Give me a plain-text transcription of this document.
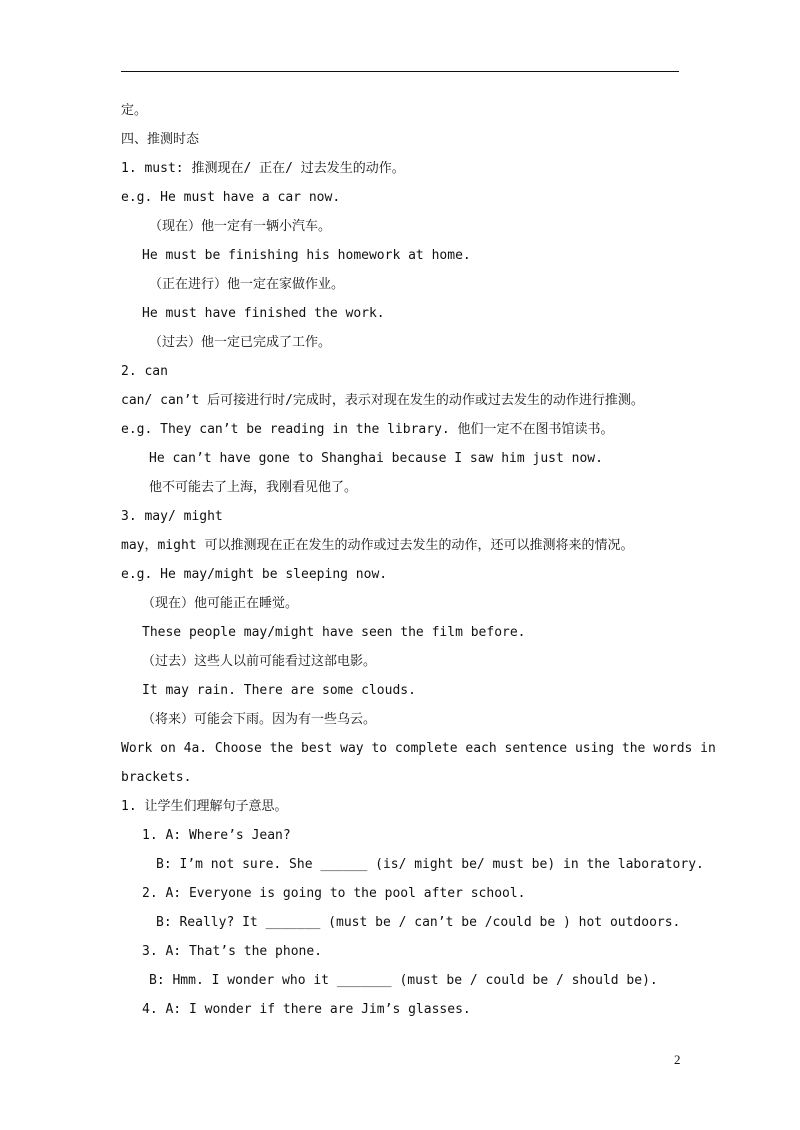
定。
四、推测时态
1. must: 推测现在/ 正在/ 过去发生的动作。
e.g. He must have a car now.
（现在）他一定有一辆小汽车。
He must be finishing his homework at home.
（正在进行）他一定在家做作业。
He must have finished the work.
（过去）他一定已完成了工作。
2. can
can/ can’t 后可接进行时/完成时，表示对现在发生的动作或过去发生的动作进行推测。
e.g. They can’t be reading in the library. 他们一定不在图书馆读书。
He can’t have gone to Shanghai because I saw him just now.
他不可能去了上海，我刚看见他了。
3. may/ might
may，might 可以推测现在正在发生的动作或过去发生的动作，还可以推测将来的情况。
e.g. He may/might be sleeping now.
（现在）他可能正在睡觉。
These people may/might have seen the film before.
（过去）这些人以前可能看过这部电影。
It may rain. There are some clouds.
（将来）可能会下雨。因为有一些乌云。
Work on 4a. Choose the best way to complete each sentence using the words in
brackets.
1. 让学生们理解句子意思。
1. A: Where’s Jean?
B: I’m not sure. She ______ (is/ might be/ must be) in the laboratory.
2. A: Everyone is going to the pool after school.
B: Really? It _______ (must be / can’t be /could be ) hot outdoors.
3. A: That’s the phone.
B: Hmm. I wonder who it _______ (must be / could be / should be).
4. A: I wonder if there are Jim’s glasses.
2
